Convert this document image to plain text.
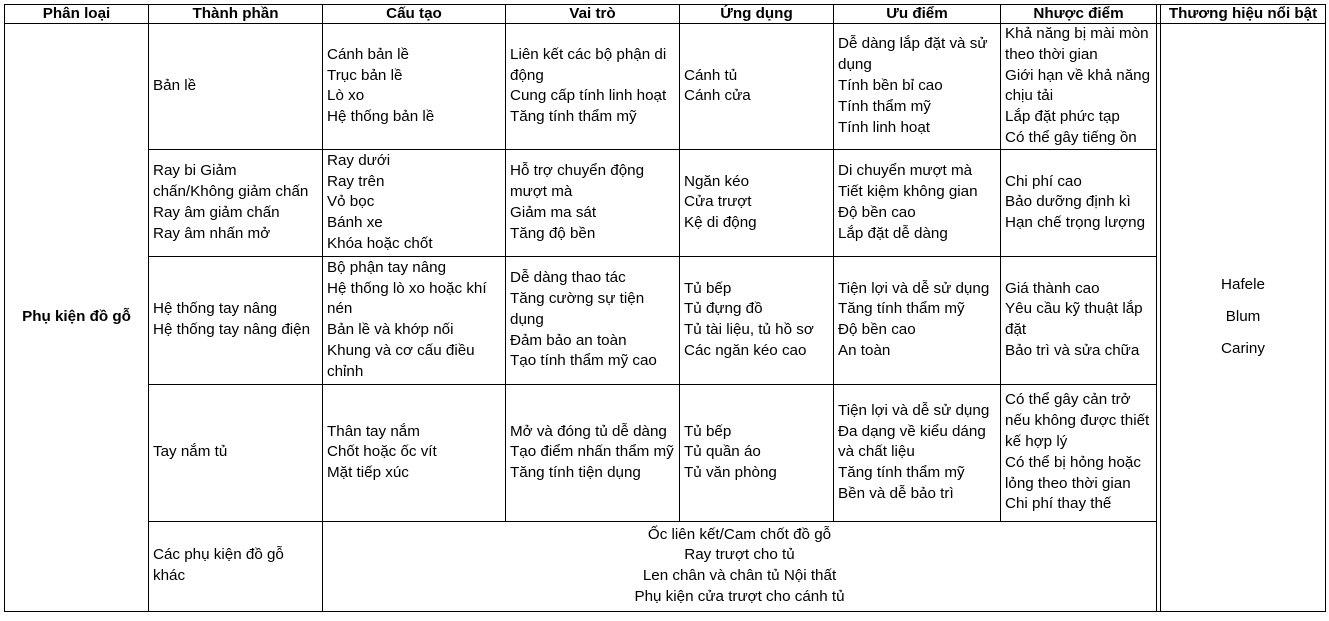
Phân loại	Thành phần	Cấu tạo	Vai trò	Ứng dụng	Ưu điểm	Nhược điểm		Thương hiệu nổi bật
Phụ kiện đồ gỗ	Bản lề	Cánh bản lề
Trục bản lề
Lò xo
Hệ thống bản lề	Liên kết các bộ phận di động
Cung cấp tính linh hoạt
Tăng tính thẩm mỹ	Cánh tủ
Cánh cửa	Dễ dàng lắp đặt và sử dụng
Tính bền bỉ cao
Tính thẩm mỹ
Tính linh hoạt	Khả năng bị mài mòn theo thời gian
Giới hạn về khả năng chịu tải
Lắp đặt phức tạp
Có thể gây tiếng ồn		Hafele
Blum
Cariny

	Ray bi Giảm chấn/Không giảm chấn
Ray âm giảm chấn
Ray âm nhấn mở	Ray dưới
Ray trên
Vỏ bọc
Bánh xe
Khóa hoặc chốt	Hỗ trợ chuyển động mượt mà
Giảm ma sát
Tăng độ bền	Ngăn kéo
Cửa trượt
Kệ di động	Di chuyển mượt mà
Tiết kiệm không gian
Độ bền cao
Lắp đặt dễ dàng	Chi phí cao
Bảo dưỡng định kì
Hạn chế trọng lượng		

	Hệ thống tay nâng
Hệ thống tay nâng điện	Bộ phận tay nâng
Hệ thống lò xo hoặc khí nén
Bản lề và khớp nối
Khung và cơ cấu điều chỉnh	Dễ dàng thao tác
Tăng cường sự tiện dụng
Đảm bảo an toàn
Tạo tính thẩm mỹ cao	Tủ bếp
Tủ đựng đồ
Tủ tài liệu, tủ hồ sơ
Các ngăn kéo cao	Tiện lợi và dễ sử dụng
Tăng tính thẩm mỹ
Độ bền cao
An toàn	Giá thành cao
Yêu cầu kỹ thuật lắp đặt
Bảo trì và sửa chữa		

	Tay nắm tủ	Thân tay nắm
Chốt hoặc ốc vít
Mặt tiếp xúc	Mở và đóng tủ dễ dàng
Tạo điểm nhấn thẩm mỹ
Tăng tính tiện dụng	Tủ bếp
Tủ quần áo
Tủ văn phòng	Tiện lợi và dễ sử dụng
Đa dạng về kiểu dáng và chất liệu
Tăng tính thẩm mỹ
Bền và dễ bảo trì	Có thể gây cản trở nếu không được thiết kế hợp lý
Có thể bị hỏng hoặc lỏng theo thời gian
Chi phí thay thế		

	Các phụ kiện đồ gỗ khác	Ốc liên kết/Cam chốt đồ gỗ
Ray trượt cho tủ
Len chân và chân tủ Nội thất
Phụ kiện cửa trượt cho cánh tủ						
